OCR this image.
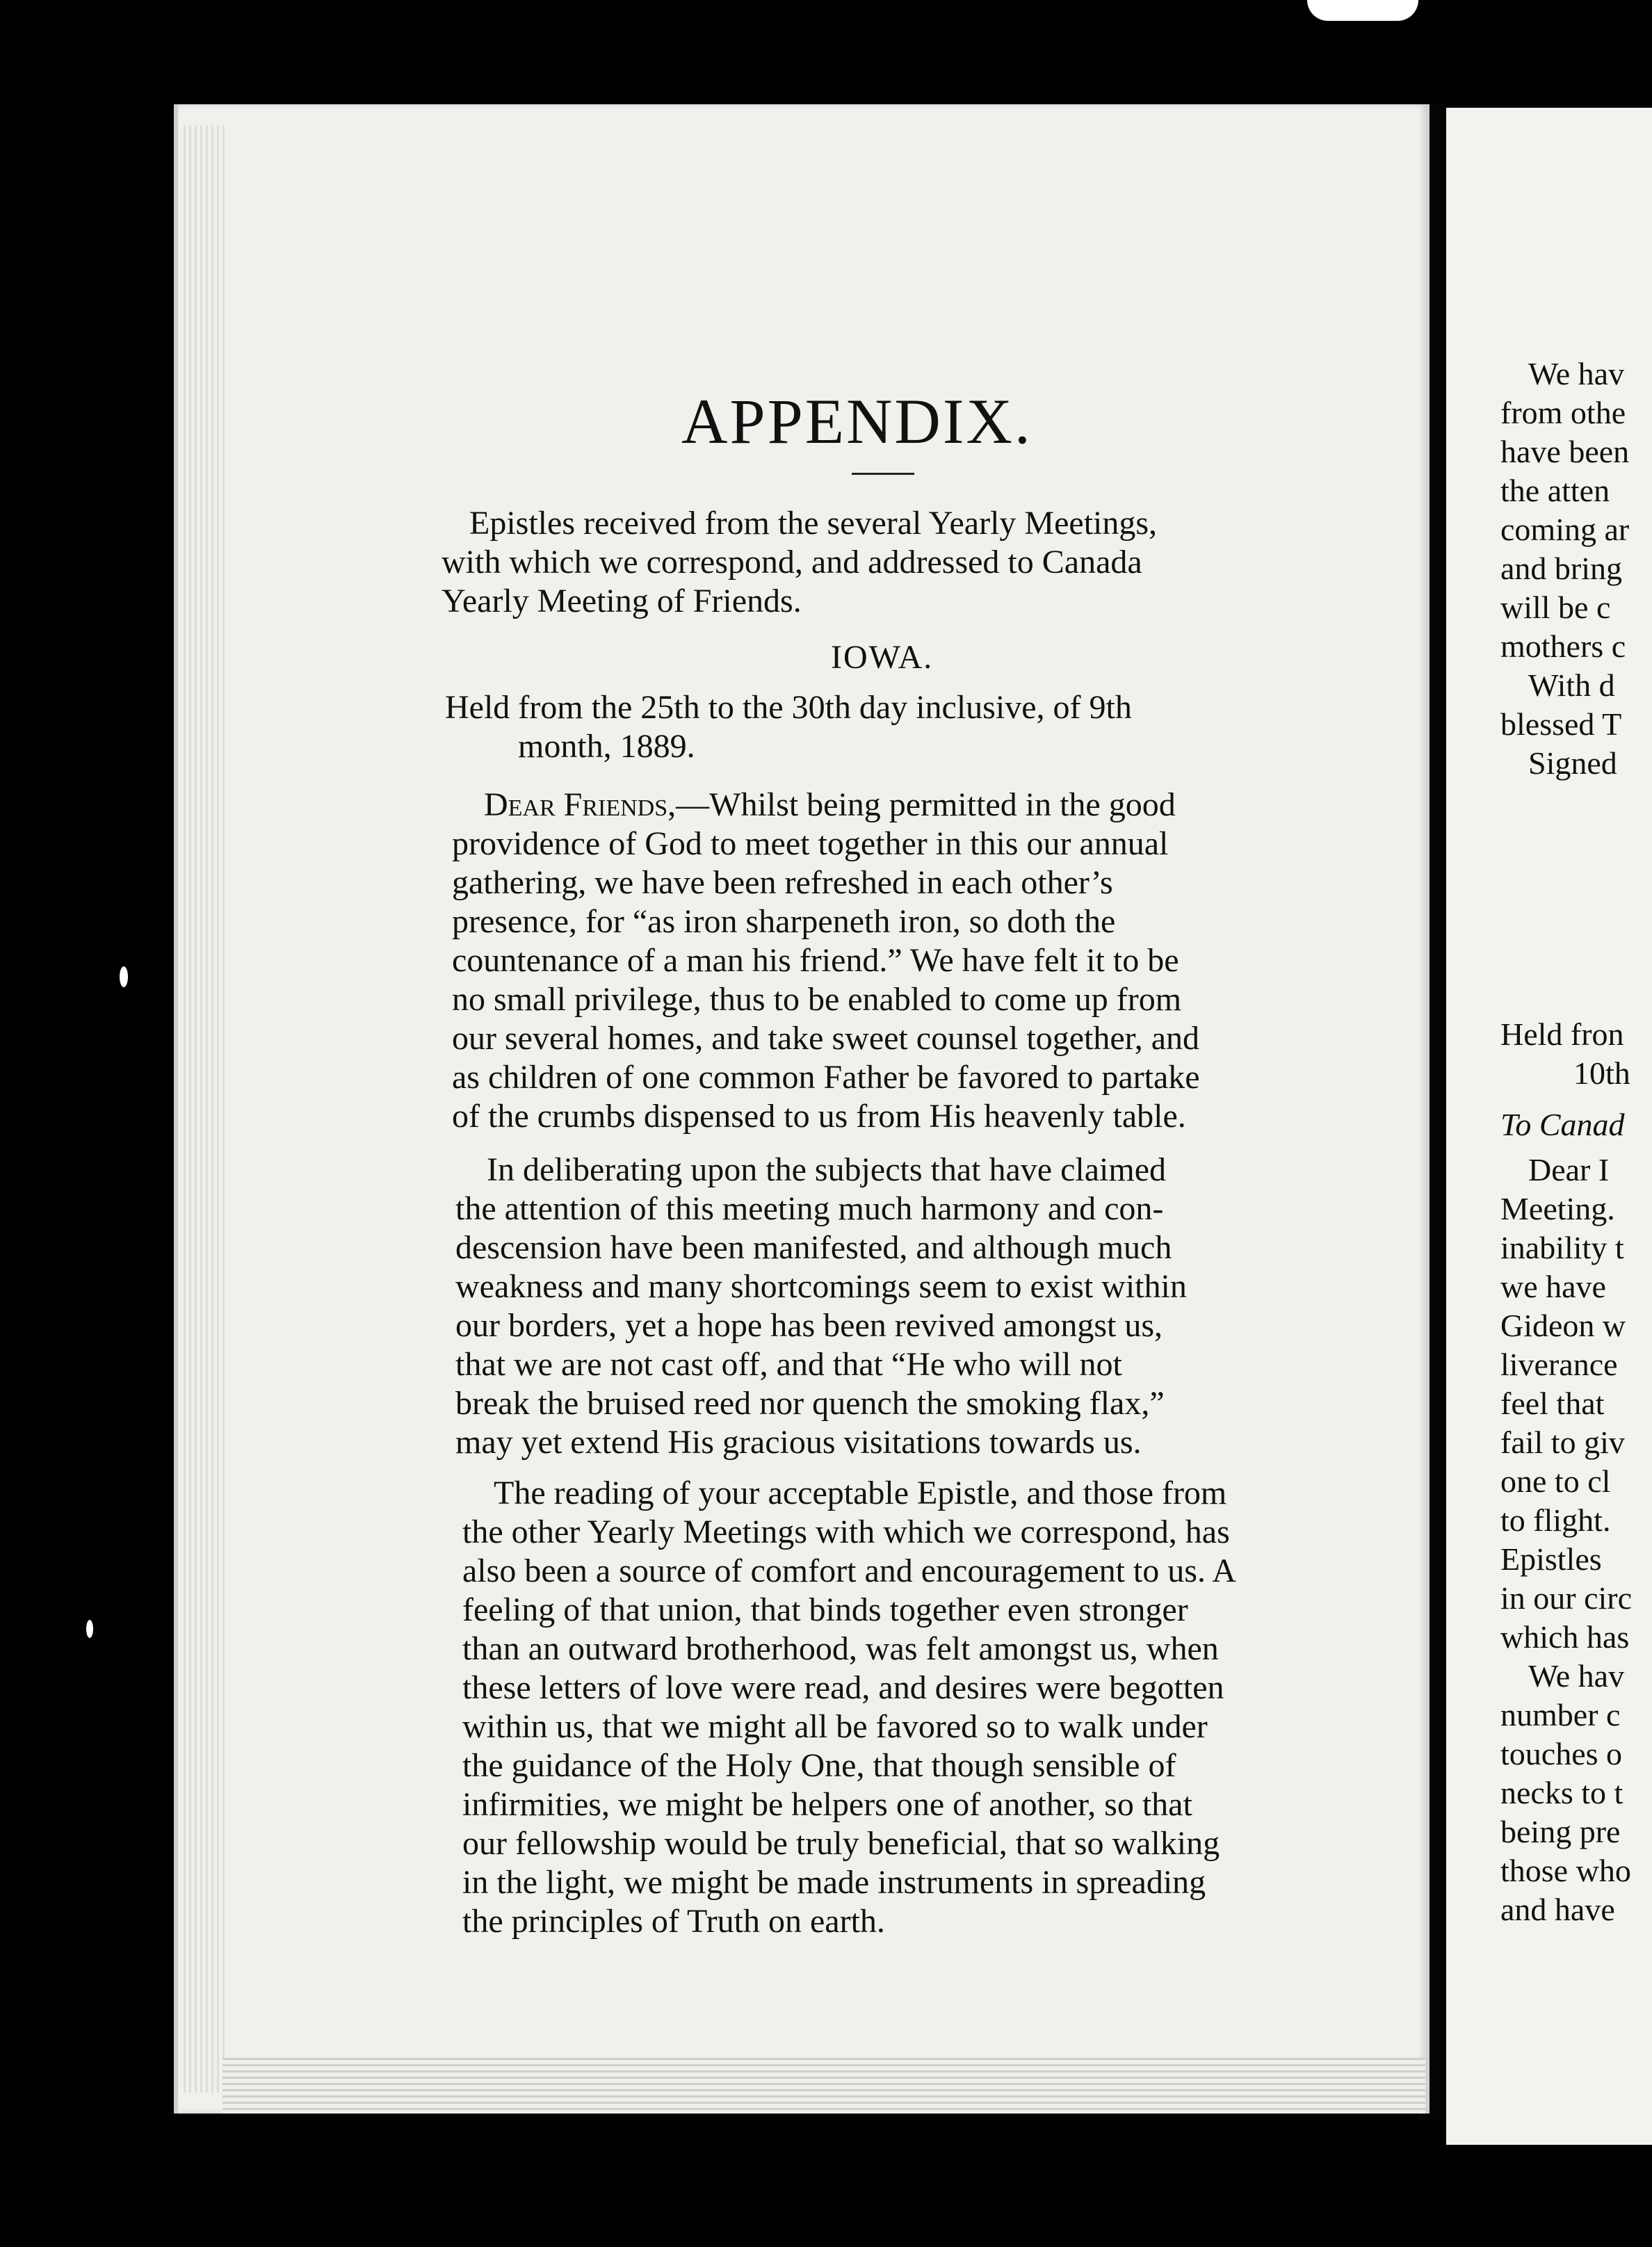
APPENDIX.
Epistles received from the several Yearly Meetings,
with which we correspond, and addressed to Canada
Yearly Meeting of Friends.
IOWA.
Held from the 25th to the 30th day inclusive, of 9th
month, 1889.
Dear Friends,—Whilst being permitted in the good
providence of God to meet together in this our annual
gathering, we have been refreshed in each other’s
presence, for “as iron sharpeneth iron, so doth the
countenance of a man his friend.” We have felt it to be
no small privilege, thus to be enabled to come up from
our several homes, and take sweet counsel together, and
as children of one common Father be favored to partake
of the crumbs dispensed to us from His heavenly table.
In deliberating upon the subjects that have claimed
the attention of this meeting much harmony and con-
descension have been manifested, and although much
weakness and many shortcomings seem to exist within
our borders, yet a hope has been revived amongst us,
that we are not cast off, and that “He who will not
break the bruised reed nor quench the smoking flax,”
may yet extend His gracious visitations towards us.
The reading of your acceptable Epistle, and those from
the other Yearly Meetings with which we correspond, has
also been a source of comfort and encouragement to us. A
feeling of that union, that binds together even stronger
than an outward brotherhood, was felt amongst us, when
these letters of love were read, and desires were begotten
within us, that we might all be favored so to walk under
the guidance of the Holy One, that though sensible of
infirmities, we might be helpers one of another, so that
our fellowship would be truly beneficial, that so walking
in the light, we might be made instruments in spreading
the principles of Truth on earth.
We hav
from othe
have been
the atten
coming ar
and bring
will be c
mothers c
With d
blessed T
Signed
Held fron
10th
To Canad
Dear I
Meeting.
inability t
we have
Gideon w
liverance
feel that
fail to giv
one to cl
to flight.
Epistles
in our circ
which has
We hav
number c
touches o
necks to t
being pre
those who
and have
